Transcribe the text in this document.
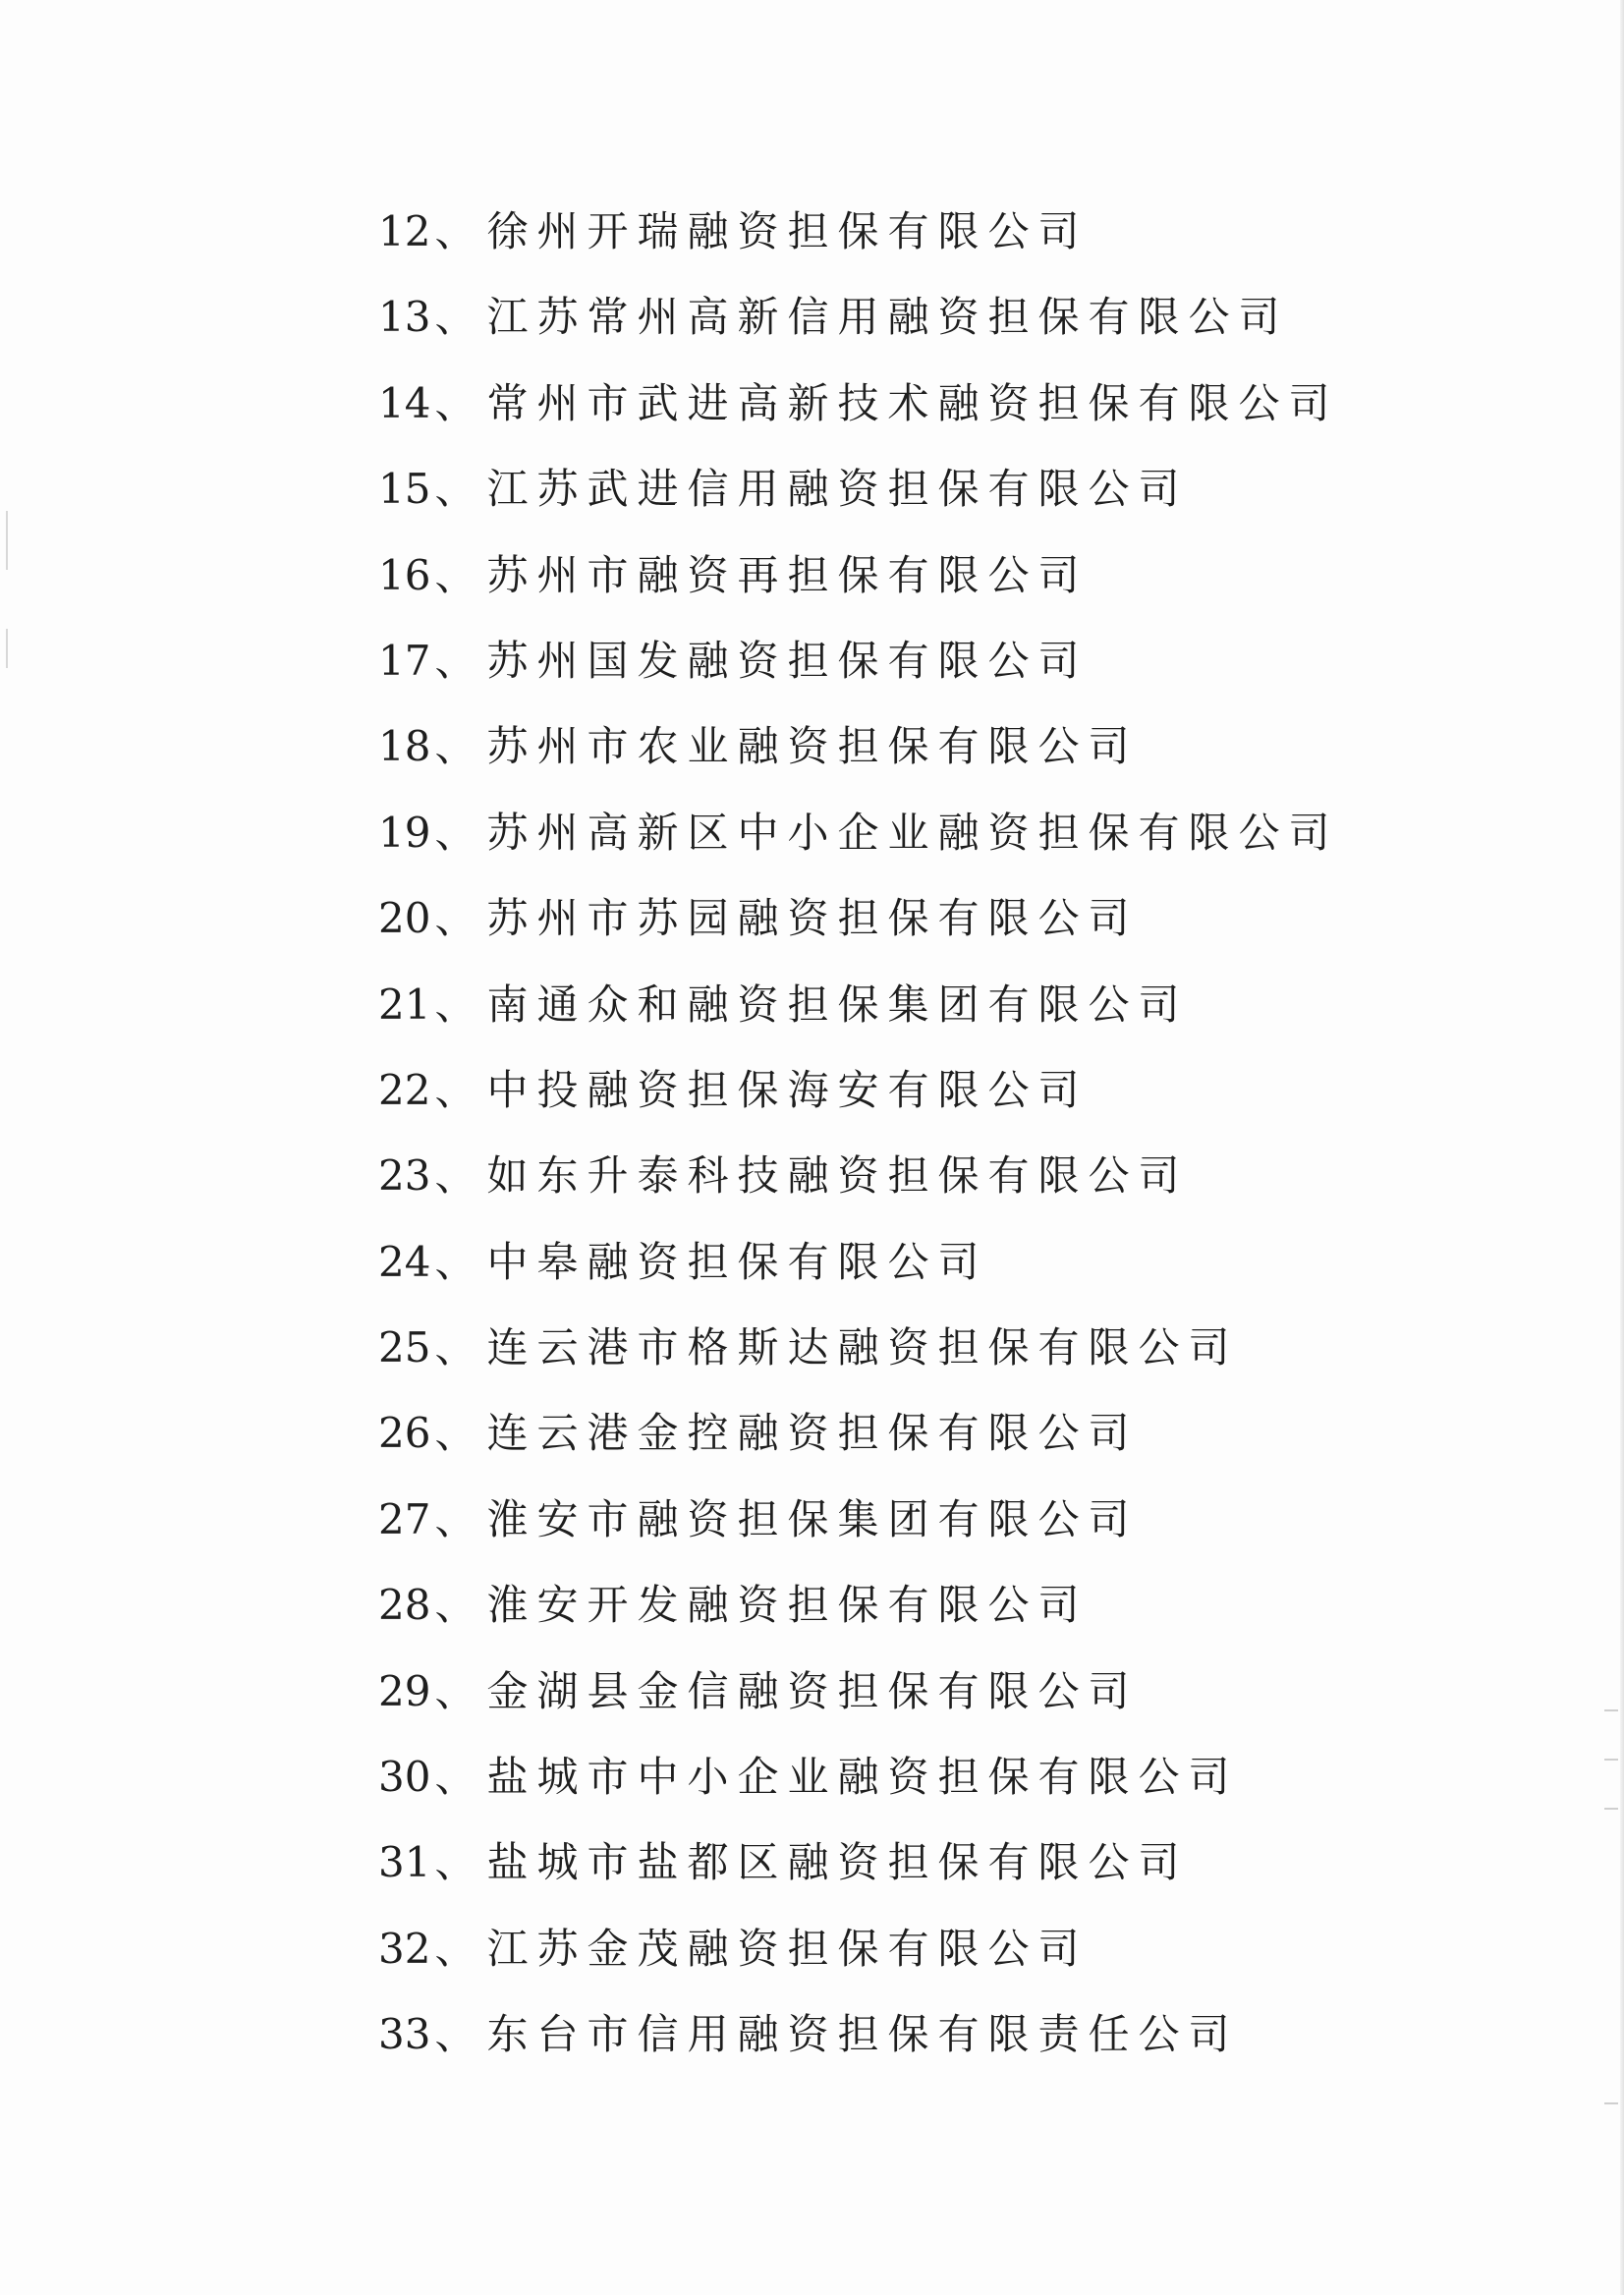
12、徐州开瑞融资担保有限公司
13、江苏常州高新信用融资担保有限公司
14、常州市武进高新技术融资担保有限公司
15、江苏武进信用融资担保有限公司
16、苏州市融资再担保有限公司
17、苏州国发融资担保有限公司
18、苏州市农业融资担保有限公司
19、苏州高新区中小企业融资担保有限公司
20、苏州市苏园融资担保有限公司
21、南通众和融资担保集团有限公司
22、中投融资担保海安有限公司
23、如东升泰科技融资担保有限公司
24、中皋融资担保有限公司
25、连云港市格斯达融资担保有限公司
26、连云港金控融资担保有限公司
27、淮安市融资担保集团有限公司
28、淮安开发融资担保有限公司
29、金湖县金信融资担保有限公司
30、盐城市中小企业融资担保有限公司
31、盐城市盐都区融资担保有限公司
32、江苏金茂融资担保有限公司
33、东台市信用融资担保有限责任公司
